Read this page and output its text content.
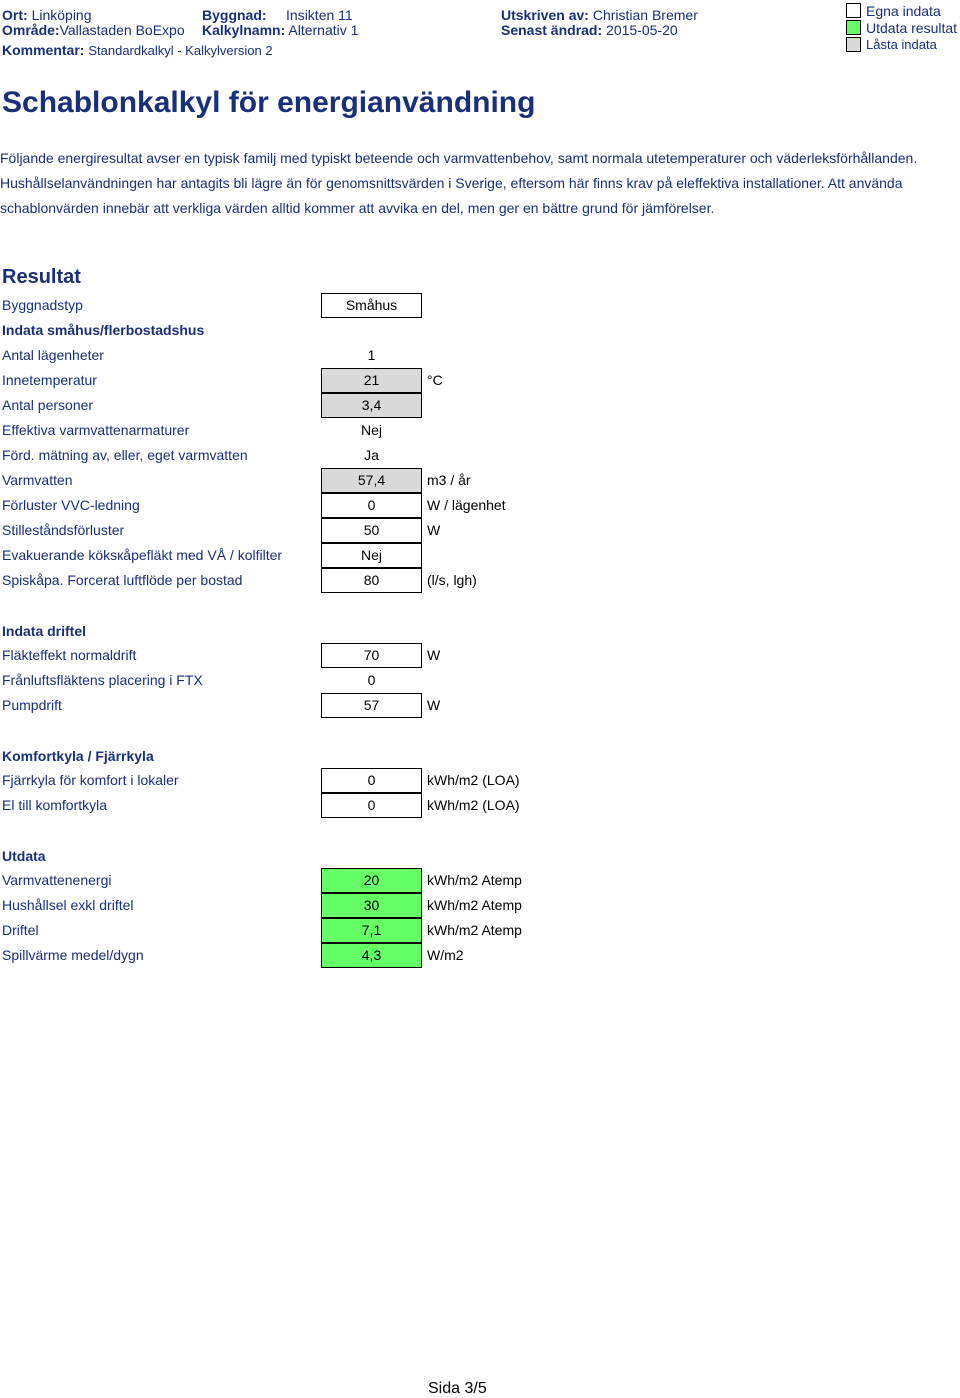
Ort: Linköping
Område:Vallastaden BoExpo
Kommentar: Standardkalkyl - Kalkylversion 2
Byggnad: Insikten 11
Kalkylnamn: Alternativ 1
Utskriven av: Christian Bremer
Senast ändrad: 2015-05-20
Egna indata
Utdata resultat
Låsta indata
Schablonkalkyl för energianvändning
Följande energiresultat avser en typisk familj med typiskt beteende och varmvattenbehov, samt normala utetemperaturer och väderleksförhållanden. Hushållselanvändningen har antagits bli lägre än för genomsnittsvärden i Sverige, eftersom här finns krav på eleffektiva installationer. Att använda schablonvärden innebär att verkliga värden alltid kommer att avvika en del, men ger en bättre grund för jämförelser.
Resultat
Byggnadstyp	Småhus
Indata småhus/flerbostadshus
Indata driftel
Komfortkyla / Fjärrkyla
Utdata
Sida 3/5
Antal lägenheter	1
Innetemperatur	21	°C
Antal personer	3,4
Effektiva varmvattenarmaturer	Nej
Förd. mätning av, eller, eget varmvatten	Ja
Varmvatten	57,4	m3 / år
Förluster VVC-ledning	0	W / lägenhet
Stilleståndsförluster	50	W
Evakuerande köksкåpefläkt med VÅ / kolfilter	Nej
Spiskåpa. Forcerat luftflöde per bostad	80	(l/s, lgh)
Fläkteffekt normaldrift	70	W
Frånluftsfläktens placering i FTX	0
Pumpdrift	57	W
Fjärrkyla för komfort i lokaler	0	kWh/m2 (LOA)
El till komfortkyla	0	kWh/m2 (LOA)
Varmvattenenergi	20	kWh/m2 Atemp
Hushållsel exkl driftel	30	kWh/m2 Atemp
Driftel	7,1	kWh/m2 Atemp
Spillvärme medel/dygn	4,3	W/m2
